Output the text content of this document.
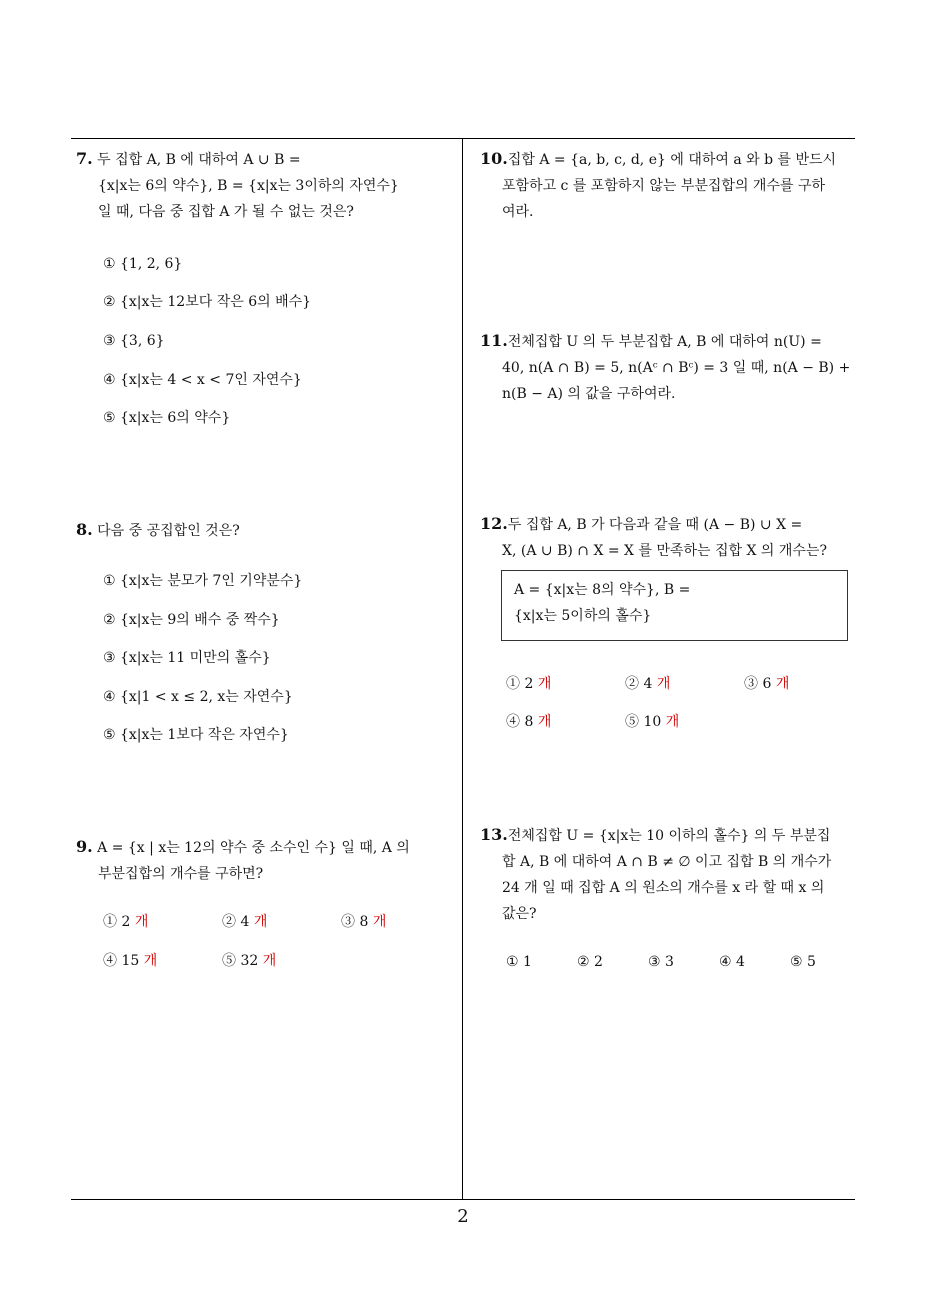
7. 두 집합 A, B 에 대하여 A ∪ B =
{x|x는 6의 약수}, B = {x|x는 3이하의 자연수}
일 때, 다음 중 집합 A 가 될 수 없는 것은?
① {1, 2, 6}
② {x|x는 12보다 작은 6의 배수}
③ {3, 6}
④ {x|x는 4 < x < 7인 자연수}
⑤ {x|x는 6의 약수}
8. 다음 중 공집합인 것은?
① {x|x는 분모가 7인 기약분수}
② {x|x는 9의 배수 중 짝수}
③ {x|x는 11 미만의 홀수}
④ {x|1 < x ≤ 2, x는 자연수}
⑤ {x|x는 1보다 작은 자연수}
9. A = {x | x는 12의 약수 중 소수인 수} 일 때, A 의
부분집합의 개수를 구하면?
① 2 개	② 4 개	③ 8 개
④ 15 개	⑤ 32 개
10.집합 A = {a, b, c, d, e} 에 대하여 a 와 b 를 반드시
포함하고 c 를 포함하지 않는 부분집합의 개수를 구하
여라.
11.전체집합 U 의 두 부분집합 A, B 에 대하여 n(U) =
40, n(A ∩ B) = 5, n(Aᶜ ∩ Bᶜ) = 3 일 때, n(A − B) +
n(B − A) 의 값을 구하여라.
12.두 집합 A, B 가 다음과 같을 때 (A − B) ∪ X =
X, (A ∪ B) ∩ X = X 를 만족하는 집합 X 의 개수는?
A = {x|x는 8의 약수}, B =
{x|x는 5이하의 홀수}
① 2 개	② 4 개	③ 6 개
④ 8 개	⑤ 10 개
13.전체집합 U = {x|x는 10 이하의 홀수} 의 두 부분집
합 A, B 에 대하여 A ∩ B ≠ ∅ 이고 집합 B 의 개수가
24 개 일 때 집합 A 의 원소의 개수를 x 라 할 때 x 의
값은?
① 1	② 2	③ 3	④ 4	⑤ 5
2
